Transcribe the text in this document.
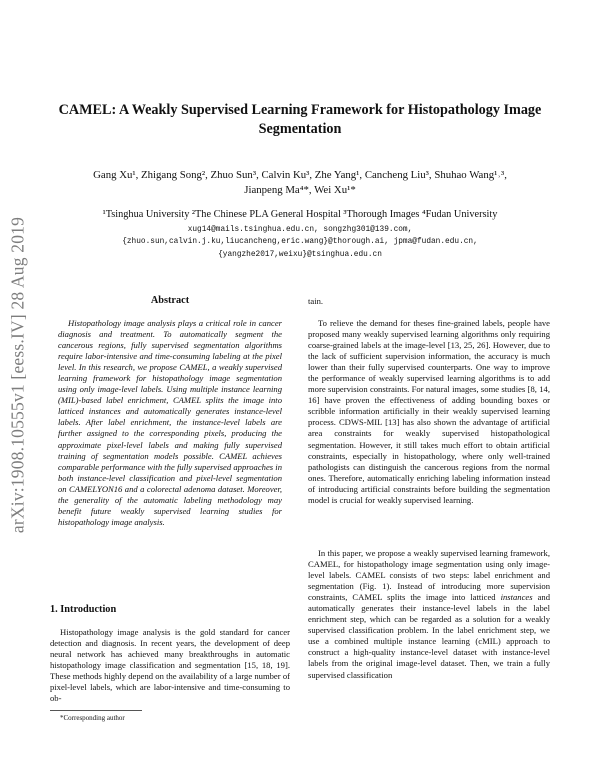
arXiv:1908.10555v1 [eess.IV] 28 Aug 2019
CAMEL: A Weakly Supervised Learning Framework for Histopathology Image Segmentation
Gang Xu¹, Zhigang Song², Zhuo Sun³, Calvin Ku³, Zhe Yang¹, Cancheng Liu³, Shuhao Wang¹˒³,
Jianpeng Ma⁴*, Wei Xu¹*
¹Tsinghua University ²The Chinese PLA General Hospital ³Thorough Images ⁴Fudan University
xug14@mails.tsinghua.edu.cn, songzhg301@139.com,
{zhuo.sun,calvin.j.ku,liucancheng,eric.wang}@thorough.ai, jpma@fudan.edu.cn,
{yangzhe2017,weixu}@tsinghua.edu.cn
Abstract
Histopathology image analysis plays a critical role in cancer diagnosis and treatment. To automatically segment the cancerous regions, fully supervised segmentation algorithms require labor-intensive and time-consuming labeling at the pixel level. In this research, we propose CAMEL, a weakly supervised learning framework for histopathology image segmentation using only image-level labels. Using multiple instance learning (MIL)-based label enrichment, CAMEL splits the image into latticed instances and automatically generates instance-level labels. After label enrichment, the instance-level labels are further assigned to the corresponding pixels, producing the approximate pixel-level labels and making fully supervised training of segmentation models possible. CAMEL achieves comparable performance with the fully supervised approaches in both instance-level classification and pixel-level segmentation on CAMELYON16 and a colorectal adenoma dataset. Moreover, the generality of the automatic labeling methodology may benefit future weakly supervised learning studies for histopathology image analysis.
1. Introduction
Histopathology image analysis is the gold standard for cancer detection and diagnosis. In recent years, the development of deep neural network has achieved many breakthroughs in automatic histopathology image classification and segmentation [15, 18, 19]. These methods highly depend on the availability of a large number of pixel-level labels, which are labor-intensive and time-consuming to ob-
*Corresponding author
tain.
To relieve the demand for theses fine-grained labels, people have proposed many weakly supervised learning algorithms only requiring coarse-grained labels at the image-level [13, 25, 26]. However, due to the lack of sufficient supervision information, the accuracy is much lower than their fully supervised counterparts. One way to improve the performance of weakly supervised learning algorithms is to add more supervision constraints. For natural images, some studies [8, 14, 16] have proven the effectiveness of adding bounding boxes or scribble information artificially in their weakly supervised learning process. CDWS-MIL [13] has also shown the advantage of artificial area constraints for weakly supervised histopathological segmentation. However, it still takes much effort to obtain artificial constraints, especially in histopathology, where only well-trained pathologists can distinguish the cancerous regions from the normal ones. Therefore, automatically enriching labeling information instead of introducing artificial constraints before building the segmentation model is crucial for weakly supervised learning.
In this paper, we propose a weakly supervised learning framework, CAMEL, for histopathology image segmentation using only image-level labels. CAMEL consists of two steps: label enrichment and segmentation (Fig. 1). Instead of introducing more supervision constraints, CAMEL splits the image into latticed instances and automatically generates their instance-level labels in the label enrichment step, which can be regarded as a solution for a weakly supervised classification problem. In the label enrichment step, we use a combined multiple instance learning (cMIL) approach to construct a high-quality instance-level dataset with instance-level labels from the original image-level dataset. Then, we train a fully supervised classification
